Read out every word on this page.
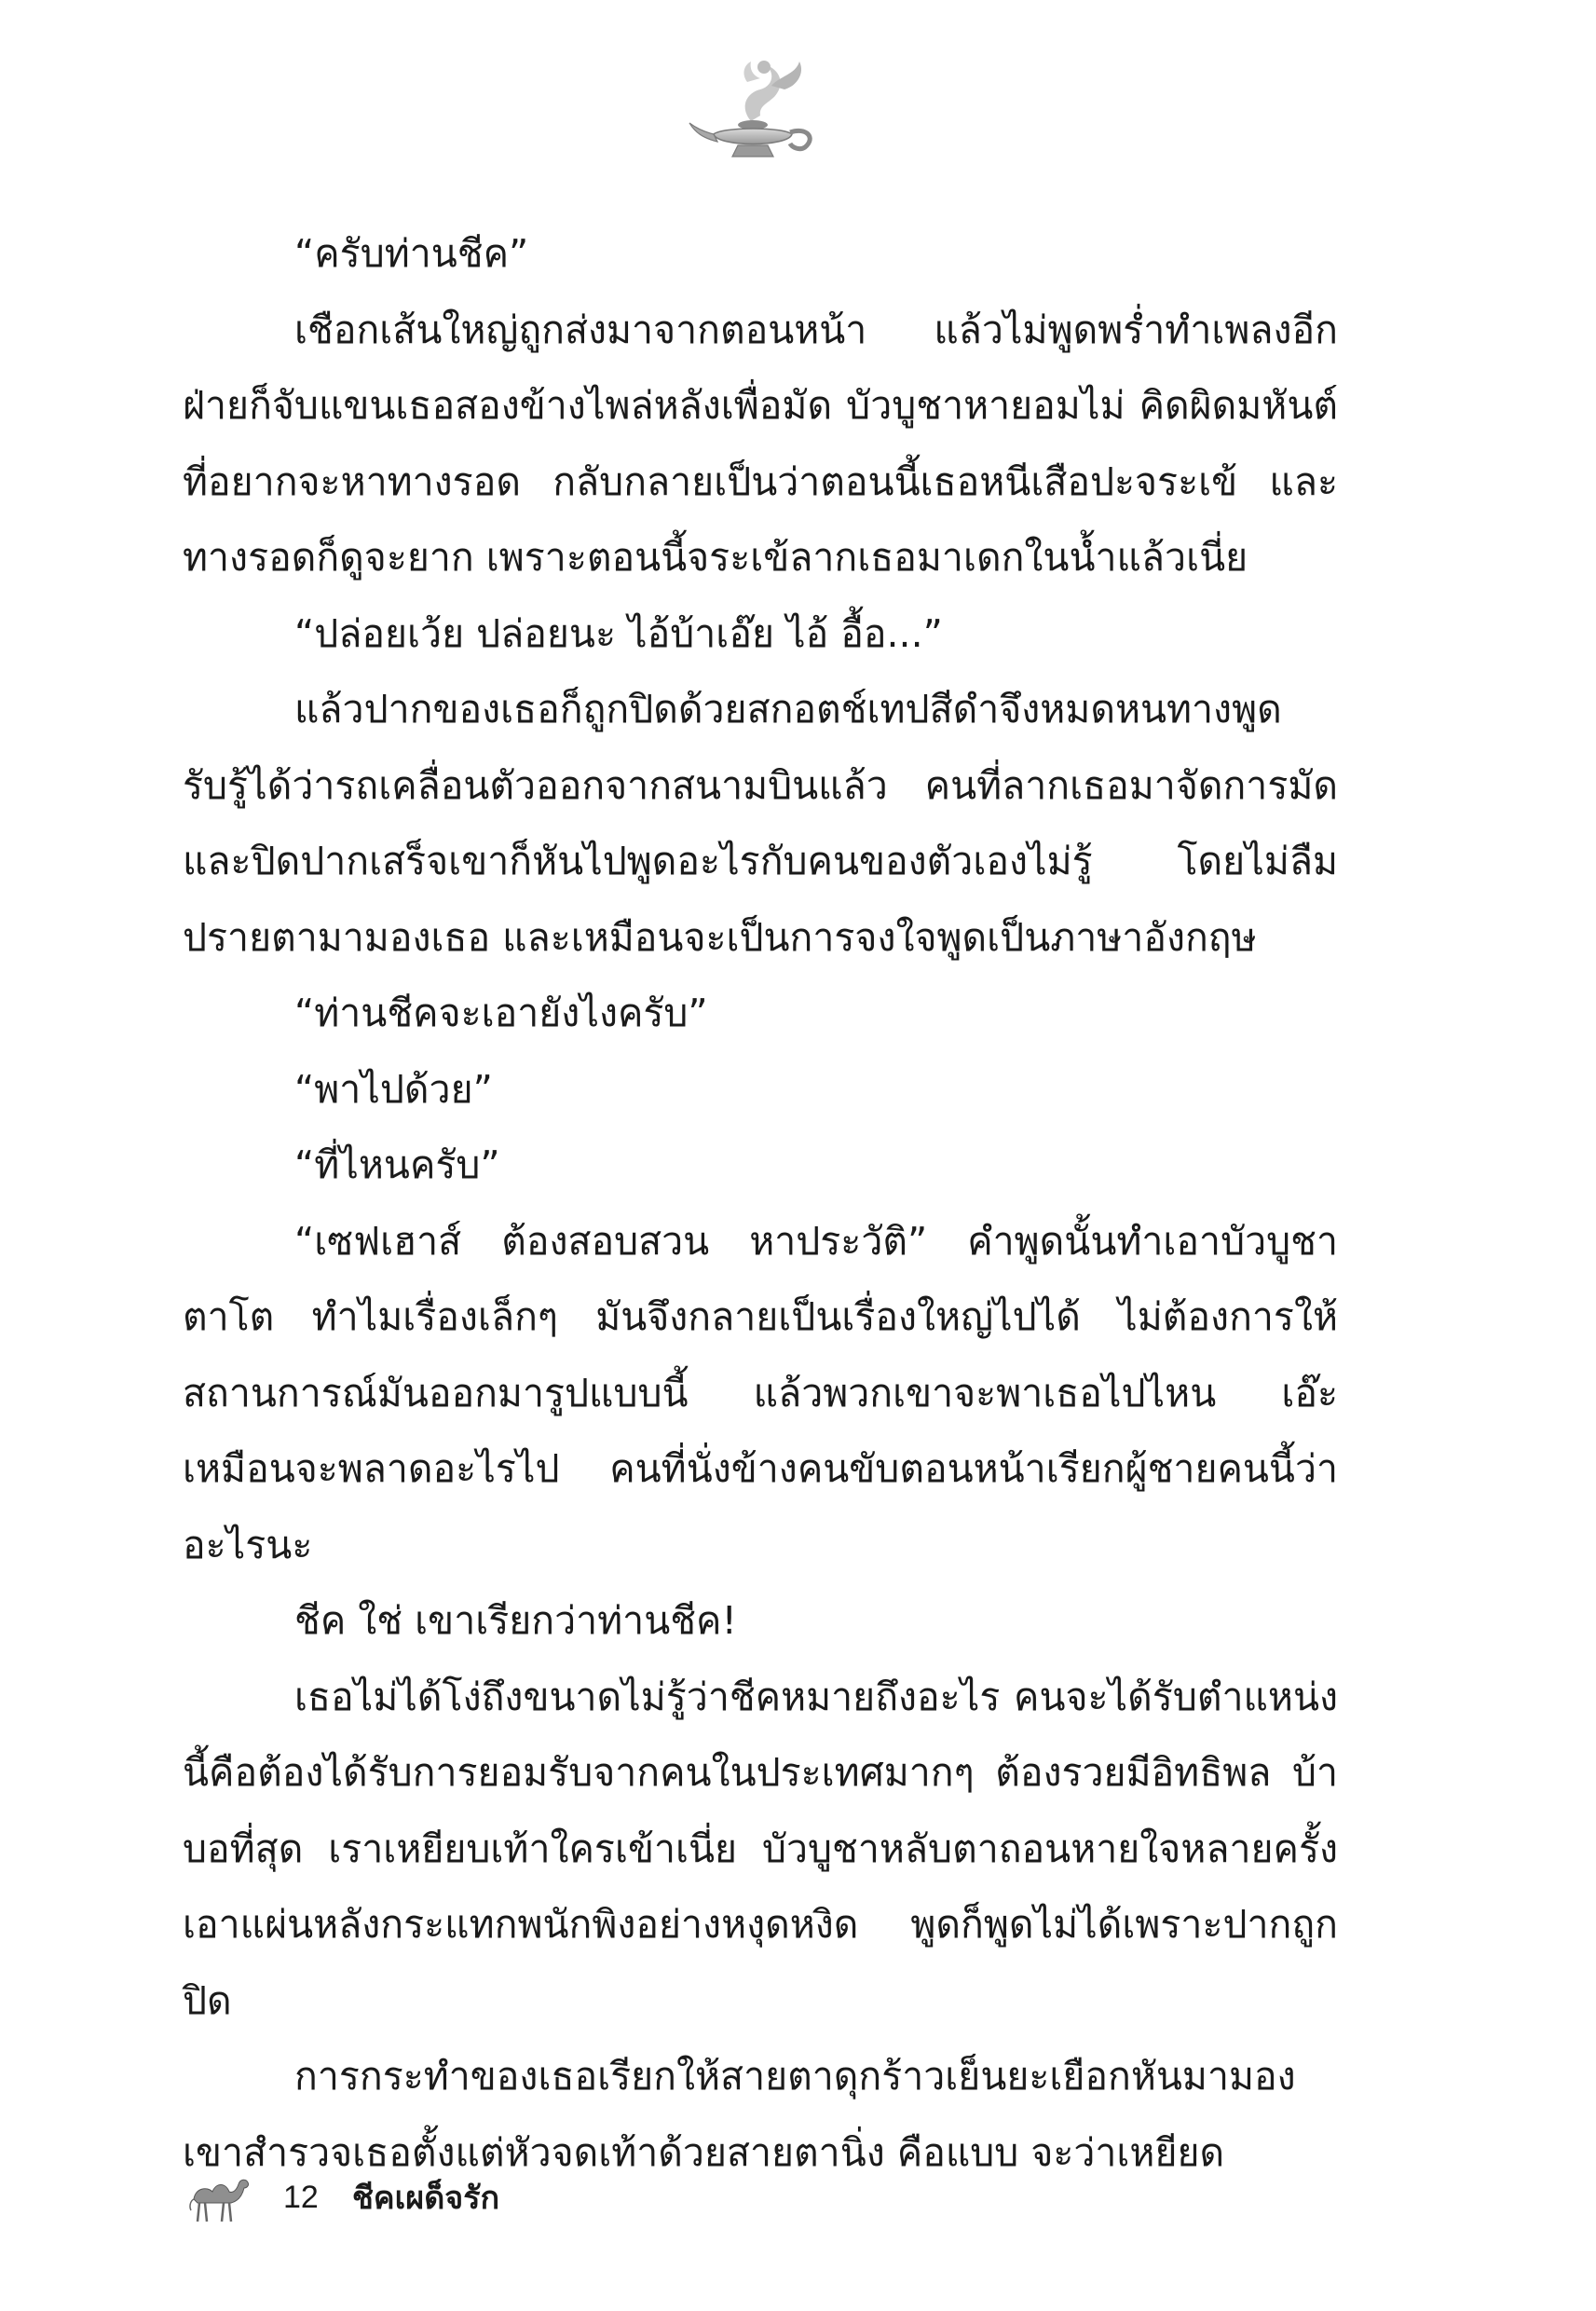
“ครับท่านชีค”

เชือกเส้นใหญ่ถูกส่งมาจากตอนหน้า แล้วไม่พูดพร่ำทำเพลงอีกฝ่ายก็จับแขนเธอสองข้างไพล่หลังเพื่อมัด บัวบูชาหายอมไม่ คิดผิดมหันต์ที่อยากจะหาทางรอด กลับกลายเป็นว่าตอนนี้เธอหนีเสือปะจระเข้ และทางรอดก็ดูจะยาก เพราะตอนนี้จระเข้ลากเธอมาเดกในน้ำแล้วเนี่ย

“ปล่อยเว้ย ปล่อยนะ ไอ้บ้าเอ๊ย ไอ้ อื้อ...”

แล้วปากของเธอก็ถูกปิดด้วยสกอตช์เทปสีดำจึงหมดหนทางพูด รับรู้ได้ว่ารถเคลื่อนตัวออกจากสนามบินแล้ว คนที่ลากเธอมาจัดการมัดและปิดปากเสร็จเขาก็หันไปพูดอะไรกับคนของตัวเองไม่รู้ โดยไม่ลืมปรายตามามองเธอ และเหมือนจะเป็นการจงใจพูดเป็นภาษาอังกฤษ

“ท่านชีคจะเอายังไงครับ”

“พาไปด้วย”

“ที่ไหนครับ”

“เซฟเฮาส์ ต้องสอบสวน หาประวัติ” คำพูดนั้นทำเอาบัวบูชาตาโต ทำไมเรื่องเล็กๆ มันจึงกลายเป็นเรื่องใหญ่ไปได้ ไม่ต้องการให้สถานการณ์มันออกมารูปแบบนี้ แล้วพวกเขาจะพาเธอไปไหน เอ๊ะเหมือนจะพลาดอะไรไป คนที่นั่งข้างคนขับตอนหน้าเรียกผู้ชายคนนี้ว่าอะไรนะ

ชีค ใช่ เขาเรียกว่าท่านชีค!

เธอไม่ได้โง่ถึงขนาดไม่รู้ว่าชีคหมายถึงอะไร คนจะได้รับตำแหน่งนี้คือต้องได้รับการยอมรับจากคนในประเทศมากๆ ต้องรวยมีอิทธิพล บ้าบอที่สุด เราเหยียบเท้าใครเข้าเนี่ย บัวบูชาหลับตาถอนหายใจหลายครั้ง เอาแผ่นหลังกระแทกพนักพิงอย่างหงุดหงิด พูดก็พูดไม่ได้เพราะปากถูกปิด

การกระทำของเธอเรียกให้สายตาดุกร้าวเย็นยะเยือกหันมามองเขาสำรวจเธอตั้งแต่หัวจดเท้าด้วยสายตานิ่ง คือแบบ จะว่าเหยียด

12 ชีคเผด็จรัก
